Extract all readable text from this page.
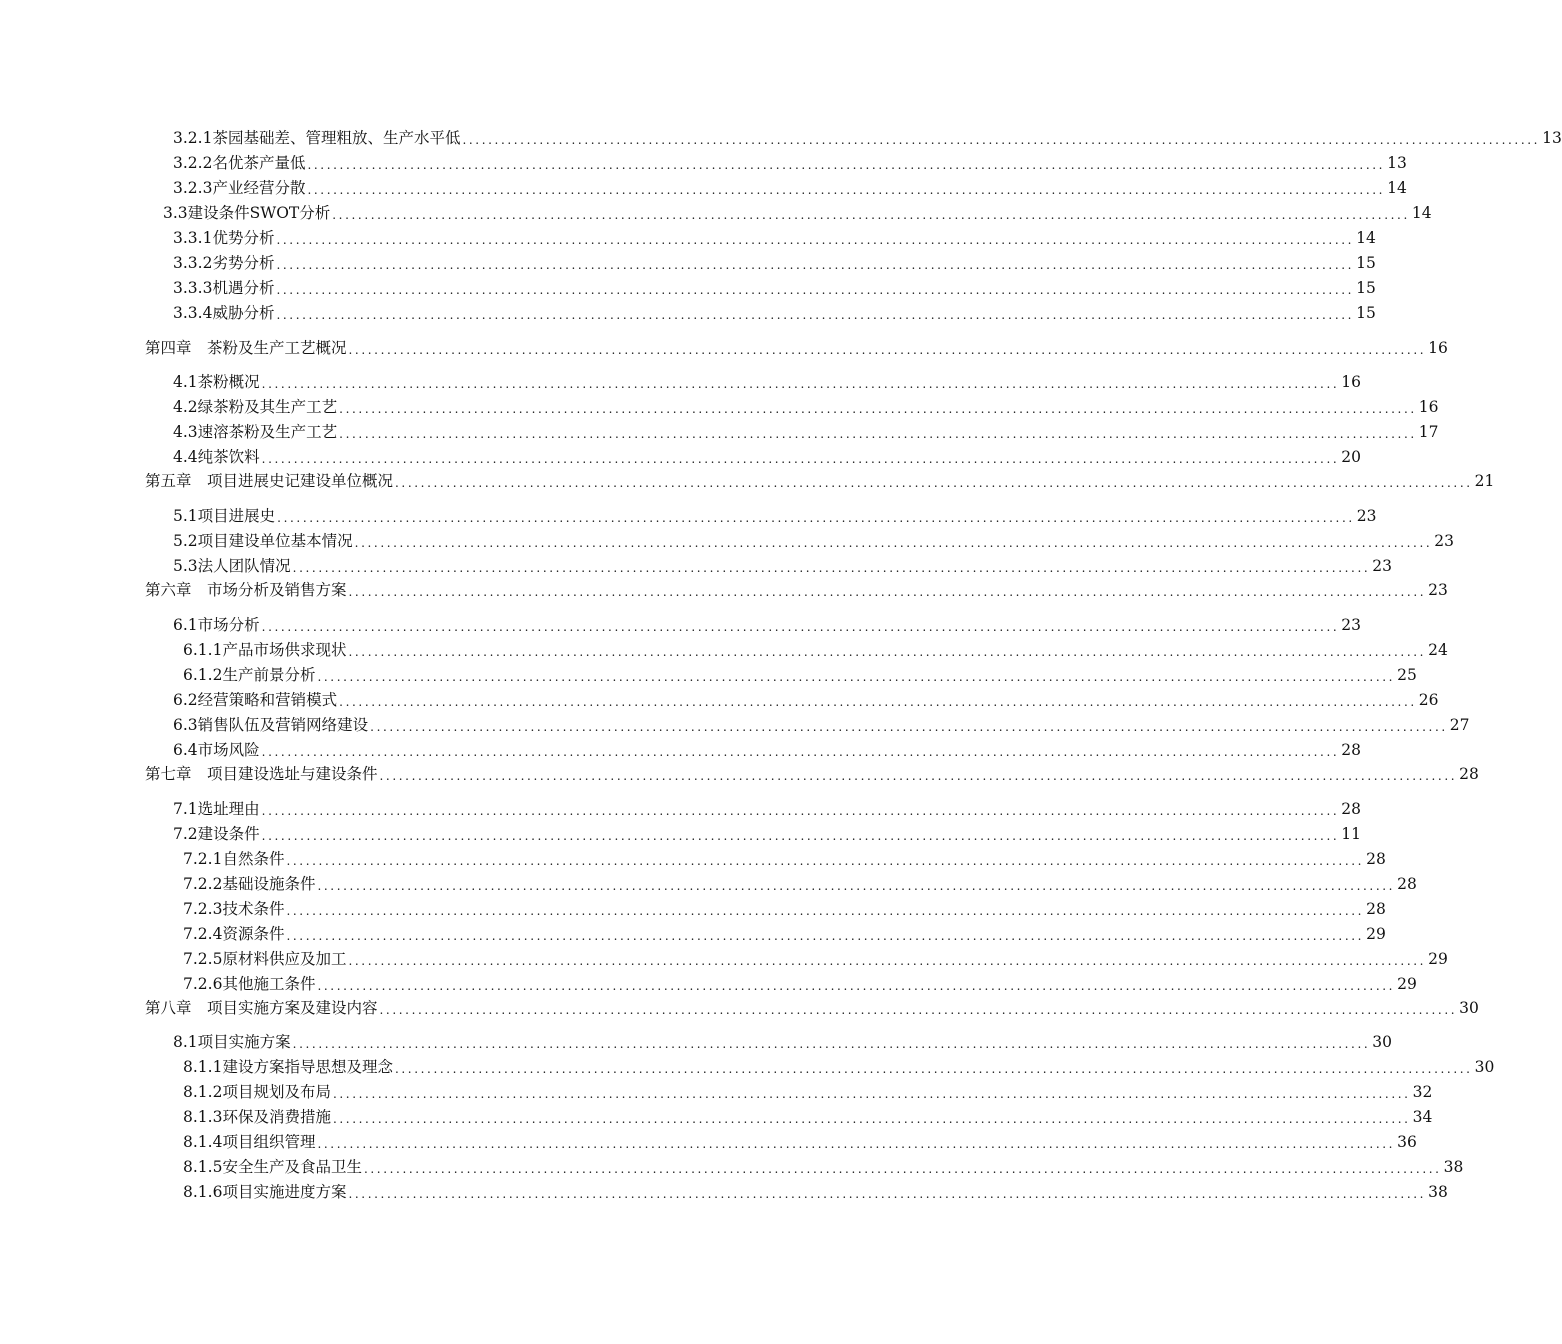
3.2.1茶园基础差、管理粗放、生产水平低 ........................................................................................................................................................................ 13
3.2.2名优茶产量低 ........................................................................................................................................................................ 13
3.2.3产业经营分散 ........................................................................................................................................................................ 14
3.3建设条件SWOT分析 ........................................................................................................................................................................ 14
3.3.1优势分析 ........................................................................................................................................................................ 14
3.3.2劣势分析 ........................................................................................................................................................................ 15
3.3.3机遇分析 ........................................................................................................................................................................ 15
3.3.4威胁分析 ........................................................................................................................................................................ 15
第四章　茶粉及生产工艺概况 ........................................................................................................................................................................ 16
4.1茶粉概况 ........................................................................................................................................................................ 16
4.2绿茶粉及其生产工艺 ........................................................................................................................................................................ 16
4.3速溶茶粉及生产工艺 ........................................................................................................................................................................ 17
4.4纯茶饮料 ........................................................................................................................................................................ 20
第五章　项目进展史记建设单位概况 ........................................................................................................................................................................ 21
5.1项目进展史 ........................................................................................................................................................................ 23
5.2项目建设单位基本情况 ........................................................................................................................................................................ 23
5.3法人团队情况 ........................................................................................................................................................................ 23
第六章　市场分析及销售方案 ........................................................................................................................................................................ 23
6.1市场分析 ........................................................................................................................................................................ 23
6.1.1产品市场供求现状 ........................................................................................................................................................................ 24
6.1.2生产前景分析 ........................................................................................................................................................................ 25
6.2经营策略和营销模式 ........................................................................................................................................................................ 26
6.3销售队伍及营销网络建设 ........................................................................................................................................................................ 27
6.4市场风险 ........................................................................................................................................................................ 28
第七章　项目建设选址与建设条件 ........................................................................................................................................................................ 28
7.1选址理由 ........................................................................................................................................................................ 28
7.2建设条件 ........................................................................................................................................................................ 11
7.2.1自然条件 ........................................................................................................................................................................ 28
7.2.2基础设施条件 ........................................................................................................................................................................ 28
7.2.3技术条件 ........................................................................................................................................................................ 28
7.2.4资源条件 ........................................................................................................................................................................ 29
7.2.5原材料供应及加工 ........................................................................................................................................................................ 29
7.2.6其他施工条件 ........................................................................................................................................................................ 29
第八章　项目实施方案及建设内容 ........................................................................................................................................................................ 30
8.1项目实施方案 ........................................................................................................................................................................ 30
8.1.1建设方案指导思想及理念 ........................................................................................................................................................................ 30
8.1.2项目规划及布局 ........................................................................................................................................................................ 32
8.1.3环保及消费措施 ........................................................................................................................................................................ 34
8.1.4项目组织管理 ........................................................................................................................................................................ 36
8.1.5安全生产及食品卫生 ........................................................................................................................................................................ 38
8.1.6项目实施进度方案 ........................................................................................................................................................................ 38
